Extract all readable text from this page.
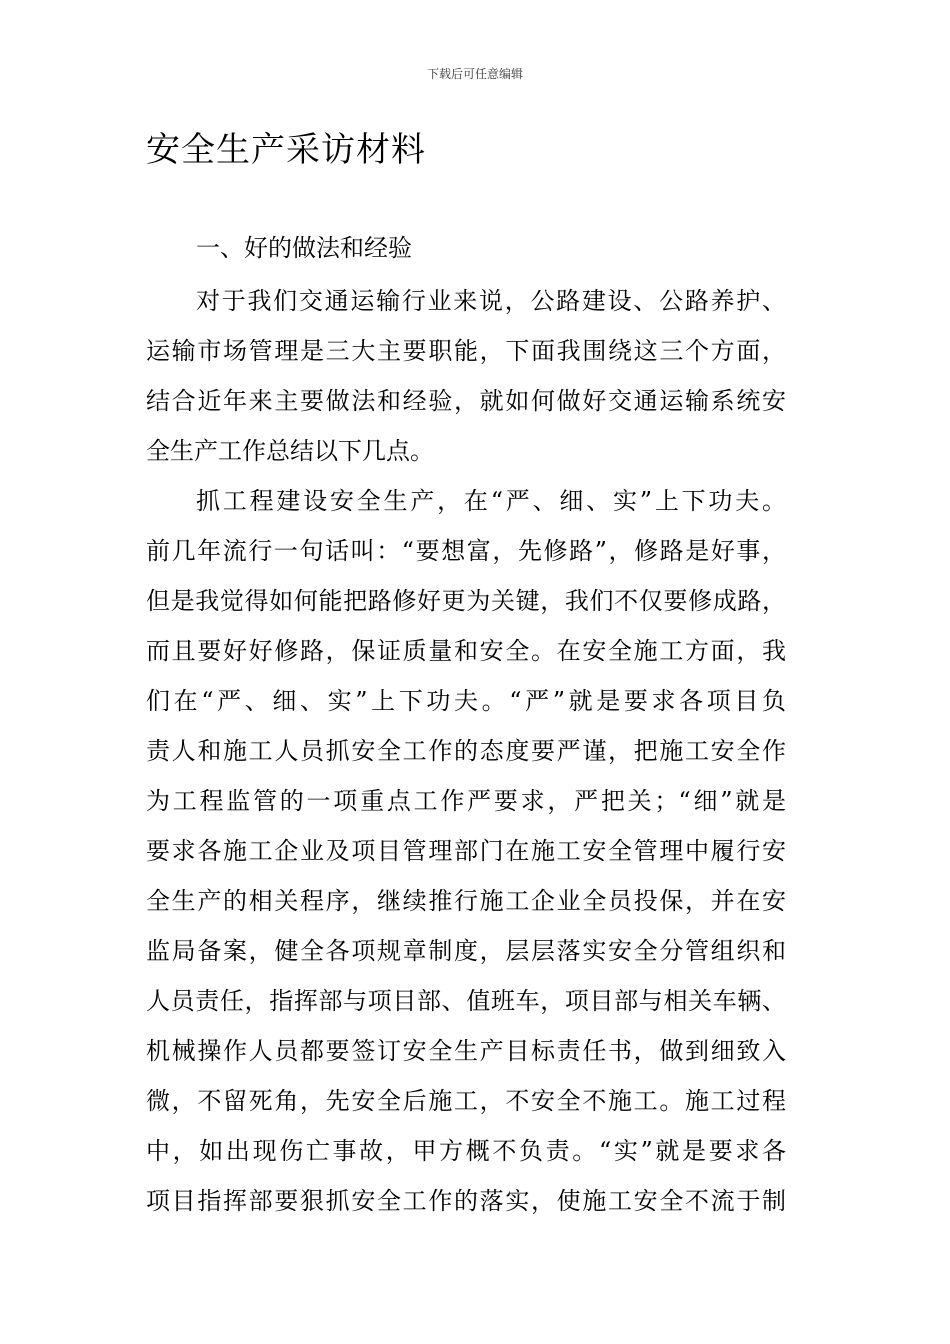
下载后可任意编辑
安全生产采访材料
一、好的做法和经验
对于我们交通运输行业来说，公路建设、公路养护、
运输市场管理是三大主要职能，下面我围绕这三个方面，
结合近年来主要做法和经验，就如何做好交通运输系统安
全生产工作总结以下几点。
抓工程建设安全生产，在“严、细、实”上下功夫。
前几年流行一句话叫：“要想富，先修路”，修路是好事，
但是我觉得如何能把路修好更为关键，我们不仅要修成路，
而且要好好修路，保证质量和安全。在安全施工方面，我
们在“严、细、实”上下功夫。“严”就是要求各项目负
责人和施工人员抓安全工作的态度要严谨，把施工安全作
为工程监管的一项重点工作严要求，严把关；“细”就是
要求各施工企业及项目管理部门在施工安全管理中履行安
全生产的相关程序，继续推行施工企业全员投保，并在安
监局备案，健全各项规章制度，层层落实安全分管组织和
人员责任，指挥部与项目部、值班车，项目部与相关车辆、
机械操作人员都要签订安全生产目标责任书，做到细致入
微，不留死角，先安全后施工，不安全不施工。施工过程
中，如出现伤亡事故，甲方概不负责。“实”就是要求各
项目指挥部要狠抓安全工作的落实，使施工安全不流于制
